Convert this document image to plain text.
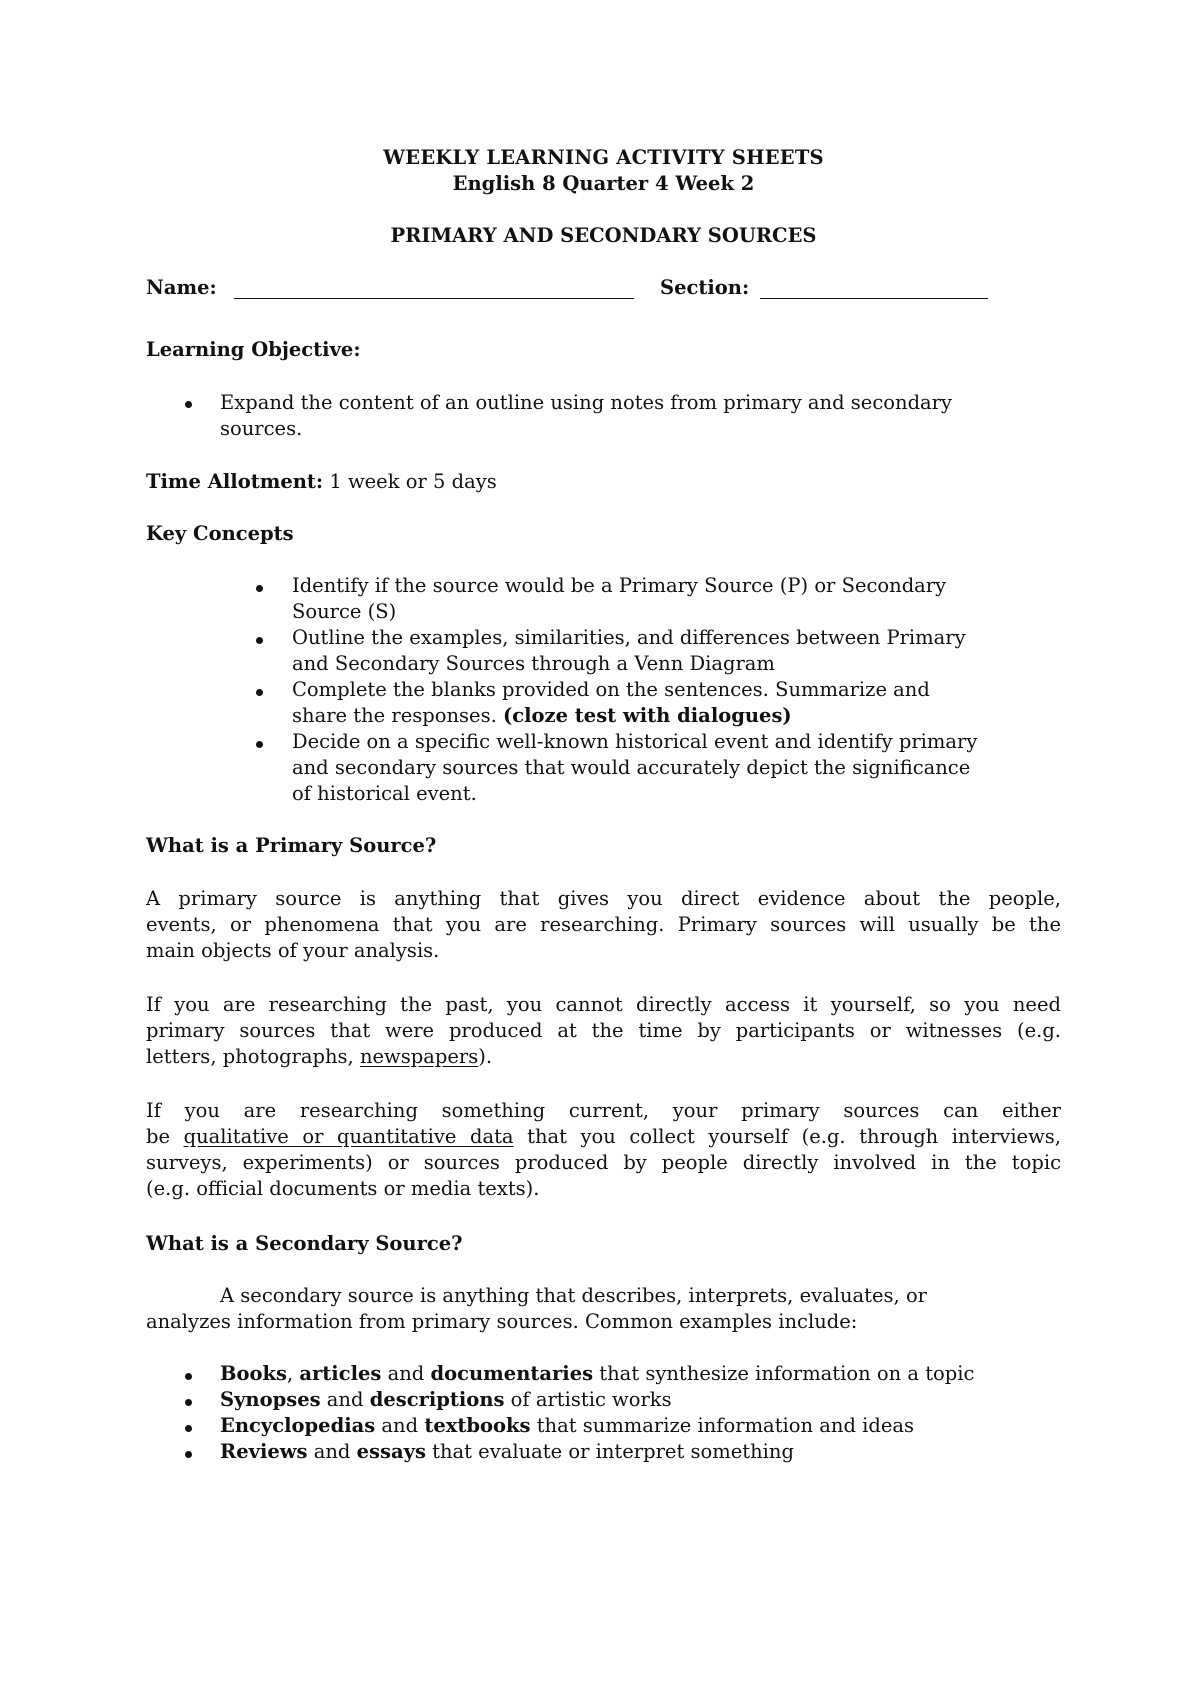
WEEKLY LEARNING ACTIVITY SHEETS
English 8 Quarter 4 Week 2
PRIMARY AND SECONDARY SOURCES
Name:	Section:
Learning Objective:
Expand the content of an outline using notes from primary and secondary
sources.
Time Allotment: 1 week or 5 days
Key Concepts
Identify if the source would be a Primary Source (P) or Secondary
Source (S)
Outline the examples, similarities, and differences between Primary
and Secondary Sources through a Venn Diagram
Complete the blanks provided on the sentences. Summarize and
share the responses. (cloze test with dialogues)
Decide on a specific well-known historical event and identify primary
and secondary sources that would accurately depict the significance
of historical event.
What is a Primary Source?
A primary source is anything that gives you direct evidence about the people,
events, or phenomena that you are researching. Primary sources will usually be the
main objects of your analysis.
If you are researching the past, you cannot directly access it yourself, so you need
primary sources that were produced at the time by participants or witnesses (e.g.
letters, photographs, newspapers).
If you are researching something current, your primary sources can either
be qualitative or quantitative data that you collect yourself (e.g. through interviews,
surveys, experiments) or sources produced by people directly involved in the topic
(e.g. official documents or media texts).
What is a Secondary Source?
A secondary source is anything that describes, interprets, evaluates, or
analyzes information from primary sources. Common examples include:
Books, articles and documentaries that synthesize information on a topic
Synopses and descriptions of artistic works
Encyclopedias and textbooks that summarize information and ideas
Reviews and essays that evaluate or interpret something
